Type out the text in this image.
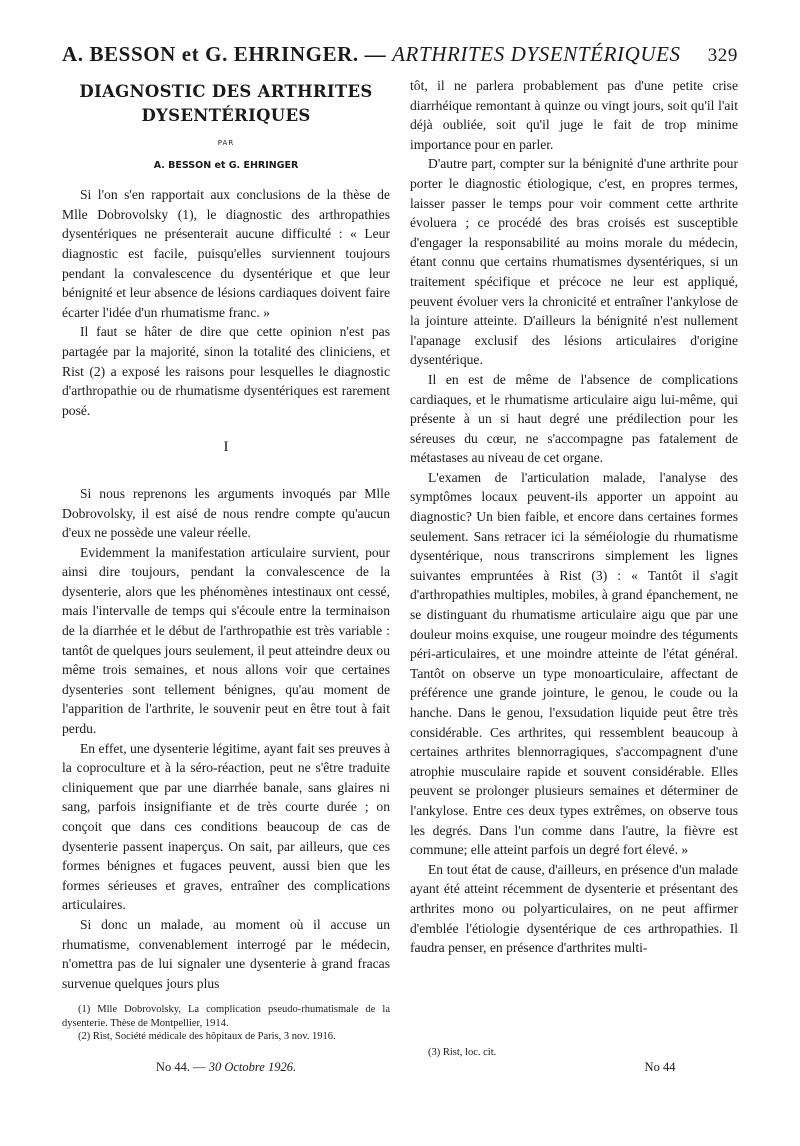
A. BESSON et G. EHRINGER. — ARTHRITES DYSENTÉRIQUES 329
DIAGNOSTIC DES ARTHRITES
DYSENTÉRIQUES
PAR
A. BESSON et G. EHRINGER

Si l'on s'en rapportait aux conclusions de la thèse de Mlle Dobrovolsky (1), le diagnostic des arthropathies dysentériques ne présenterait aucune difficulté : « Leur diagnostic est facile, puisqu'elles surviennent toujours pendant la convalescence du dysentérique et que leur bénignité et leur absence de lésions cardiaques doivent faire écarter l'idée d'un rhumatisme franc. »

Il faut se hâter de dire que cette opinion n'est pas partagée par la majorité, sinon la totalité des cliniciens, et Rist (2) a exposé les raisons pour lesquelles le diagnostic d'arthropathie ou de rhumatisme dysentériques est rarement posé.

I

Si nous reprenons les arguments invoqués par Mlle Dobrovolsky, il est aisé de nous rendre compte qu'aucun d'eux ne possède une valeur réelle.

Evidemment la manifestation articulaire survient, pour ainsi dire toujours, pendant la convalescence de la dysenterie, alors que les phénomènes intestinaux ont cessé, mais l'intervalle de temps qui s'écoule entre la terminaison de la diarrhée et le début de l'arthropathie est très variable : tantôt de quelques jours seulement, il peut atteindre deux ou même trois semaines, et nous allons voir que certaines dysenteries sont tellement bénignes, qu'au moment de l'apparition de l'arthrite, le souvenir peut en être tout à fait perdu.

En effet, une dysenterie légitime, ayant fait ses preuves à la coproculture et à la séro-réaction, peut ne s'être traduite cliniquement que par une diarrhée banale, sans glaires ni sang, parfois insignifiante et de très courte durée ; on conçoit que dans ces conditions beaucoup de cas de dysenterie passent inaperçus. On sait, par ailleurs, que ces formes bénignes et fugaces peuvent, aussi bien que les formes sérieuses et graves, entraîner des complications articulaires.

Si donc un malade, au moment où il accuse un rhumatisme, convenablement interrogé par le médecin, n'omettra pas de lui signaler une dysenterie à grand fracas survenue quelques jours plus

(1) Mlle Dobrovolsky, La complication pseudo-rhumatismale de la dysenterie. Thèse de Montpellier, 1914.
(2) Rist, Société médicale des hôpitaux de Paris, 3 nov. 1916.

tôt, il ne parlera probablement pas d'une petite crise diarrhéique remontant à quinze ou vingt jours, soit qu'il l'ait déjà oubliée, soit qu'il juge le fait de trop minime importance pour en parler.

D'autre part, compter sur la bénignité d'une arthrite pour porter le diagnostic étiologique, c'est, en propres termes, laisser passer le temps pour voir comment cette arthrite évoluera ; ce procédé des bras croisés est susceptible d'engager la responsabilité au moins morale du médecin, étant connu que certains rhumatismes dysentériques, si un traitement spécifique et précoce ne leur est appliqué, peuvent évoluer vers la chronicité et entraîner l'ankylose de la jointure atteinte. D'ailleurs la bénignité n'est nullement l'apanage exclusif des lésions articulaires d'origine dysentérique.

Il en est de même de l'absence de complications cardiaques, et le rhumatisme articulaire aigu lui-même, qui présente à un si haut degré une prédilection pour les séreuses du cœur, ne s'accompagne pas fatalement de métastases au niveau de cet organe.

L'examen de l'articulation malade, l'analyse des symptômes locaux peuvent-ils apporter un appoint au diagnostic? Un bien faible, et encore dans certaines formes seulement. Sans retracer ici la séméiologie du rhumatisme dysentérique, nous transcrirons simplement les lignes suivantes empruntées à Rist (3) : « Tantôt il s'agit d'arthropathies multiples, mobiles, à grand épanchement, ne se distinguant du rhumatisme articulaire aigu que par une douleur moins exquise, une rougeur moindre des téguments péri-articulaires, et une moindre atteinte de l'état général. Tantôt on observe un type monoarticulaire, affectant de préférence une grande jointure, le genou, le coude ou la hanche. Dans le genou, l'exsudation liquide peut être très considérable. Ces arthrites, qui ressemblent beaucoup à certaines arthrites blennorragiques, s'accompagnent d'une atrophie musculaire rapide et souvent considérable. Elles peuvent se prolonger plusieurs semaines et déterminer de l'ankylose. Entre ces deux types extrêmes, on observe tous les degrés. Dans l'un comme dans l'autre, la fièvre est commune; elle atteint parfois un degré fort élevé. »

En tout état de cause, d'ailleurs, en présence d'un malade ayant été atteint récemment de dysenterie et présentant des arthrites mono ou polyarticulaires, on ne peut affirmer d'emblée l'étiologie dysentérique de ces arthropathies. Il faudra penser, en présence d'arthrites multi-

(3) Rist, loc. cit.
No 44. — 30 Octobre 1926.	No 44
